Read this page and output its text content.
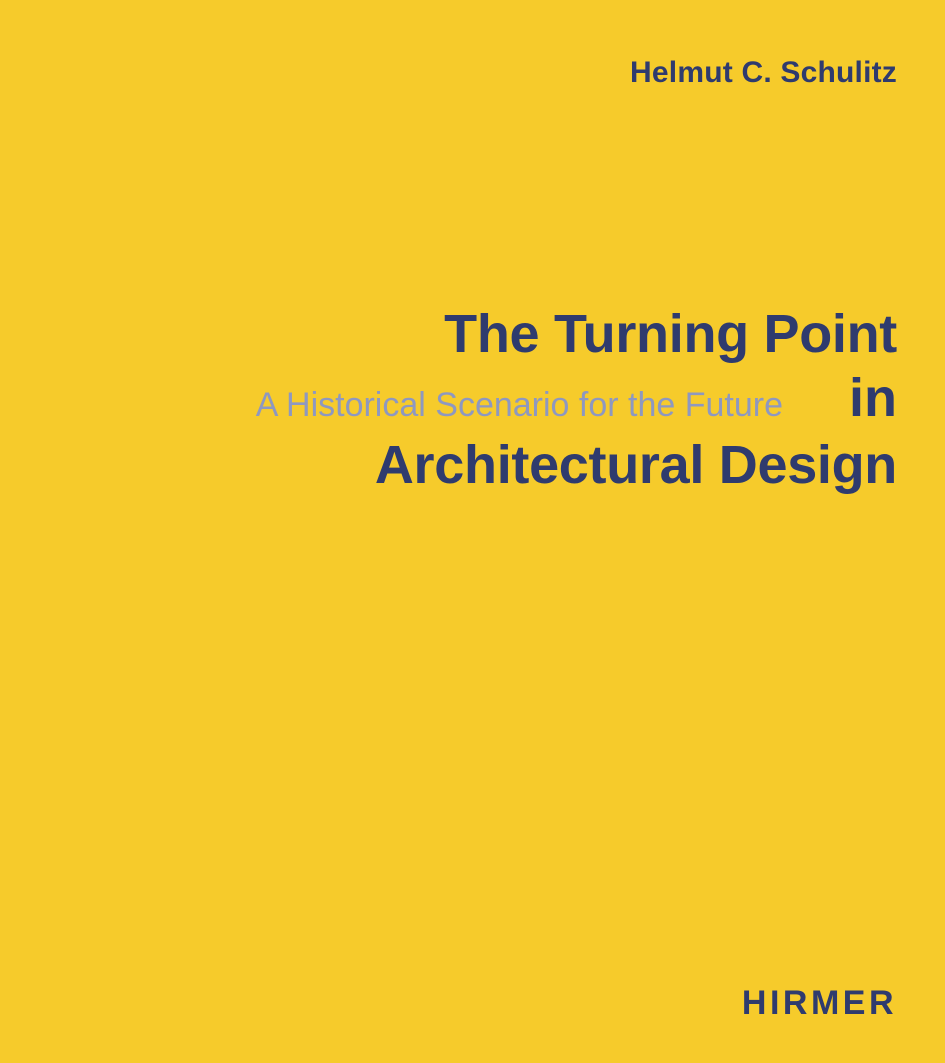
Helmut C. Schulitz
The Turning Point
A Historical Scenario for the Future in
Architectural Design
HIRMER
